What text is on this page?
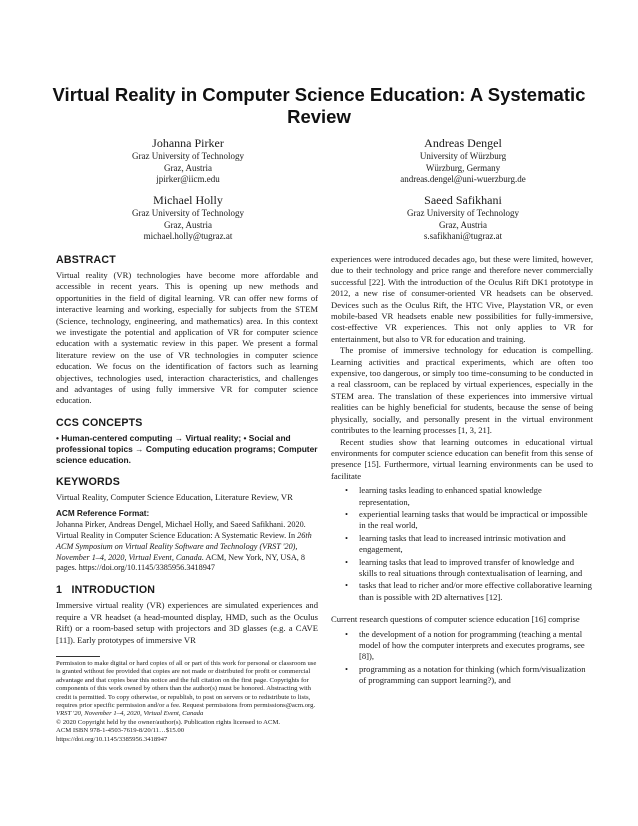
Virtual Reality in Computer Science Education: A Systematic Review
Johanna Pirker
Graz University of Technology
Graz, Austria
jpirker@iicm.edu
Andreas Dengel
University of Würzburg
Würzburg, Germany
andreas.dengel@uni-wuerzburg.de
Michael Holly
Graz University of Technology
Graz, Austria
michael.holly@tugraz.at
Saeed Safikhani
Graz University of Technology
Graz, Austria
s.safikhani@tugraz.at
ABSTRACT

Virtual reality (VR) technologies have become more affordable and accessible in recent years. This is opening up new methods and opportunities in the field of digital learning. VR can offer new forms of interactive learning and working, especially for subjects from the STEM (Science, technology, engineering, and mathematics) area. In this context we investigate the potential and application of VR for computer science education with a systematic review in this paper. We present a formal literature review on the use of VR technologies in computer science education. We focus on the identification of factors such as learning objectives, technologies used, interaction characteristics, and challenges and advantages of using fully immersive VR for computer science education.

CCS CONCEPTS

• Human-centered computing → Virtual reality; • Social and professional topics → Computing education programs; Computer science education.

KEYWORDS

Virtual Reality, Computer Science Education, Literature Review, VR

ACM Reference Format:

Johanna Pirker, Andreas Dengel, Michael Holly, and Saeed Safikhani. 2020. Virtual Reality in Computer Science Education: A Systematic Review. In 26th ACM Symposium on Virtual Reality Software and Technology (VRST '20), November 1–4, 2020, Virtual Event, Canada. ACM, New York, NY, USA, 8 pages. https://doi.org/10.1145/3385956.3418947

1   INTRODUCTION

Immersive virtual reality (VR) experiences are simulated experiences and require a VR headset (a head-mounted display, HMD, such as the Oculus Rift) or a room-based setup with projectors and 3D glasses (e.g. a CAVE [11]). Early prototypes of immersive VR

Permission to make digital or hard copies of all or part of this work for personal or classroom use is granted without fee provided that copies are not made or distributed for profit or commercial advantage and that copies bear this notice and the full citation on the first page. Copyrights for components of this work owned by others than the author(s) must be honored. Abstracting with credit is permitted. To copy otherwise, or republish, to post on servers or to redistribute to lists, requires prior specific permission and/or a fee. Request permissions from permissions@acm.org.

VRST '20, November 1–4, 2020, Virtual Event, Canada

© 2020 Copyright held by the owner/author(s). Publication rights licensed to ACM.

ACM ISBN 978-1-4503-7619-8/20/11…$15.00

https://doi.org/10.1145/3385956.3418947

experiences were introduced decades ago, but these were limited, however, due to their technology and price range and therefore never commercially successful [22]. With the introduction of the Oculus Rift DK1 prototype in 2012, a new rise of consumer-oriented VR headsets can be observed. Devices such as the Oculus Rift, the HTC Vive, Playstation VR, or even mobile-based VR headsets enable new possibilities for fully-immersive, cost-effective VR experiences. This not only applies to VR for entertainment, but also to VR for education and training.

The promise of immersive technology for education is compelling. Learning activities and practical experiments, which are often too expensive, too dangerous, or simply too time-consuming to be conducted in a real classroom, can be replaced by virtual experiences, especially in the STEM area. The translation of these experiences into immersive virtual realities can be highly beneficial for students, because the sense of being physically, socially, and personally present in the virtual environment contributes to the learning processes [1, 3, 21].

Recent studies show that learning outcomes in educational virtual environments for computer science education can benefit from this sense of presence [15]. Furthermore, virtual learning environments can be used to facilitate

• learning tasks leading to enhanced spatial knowledge representation,
• experiential learning tasks that would be impractical or impossible in the real world,
• learning tasks that lead to increased intrinsic motivation and engagement,
• learning tasks that lead to improved transfer of knowledge and skills to real situations through contextualisation of learning, and
• tasks that lead to richer and/or more effective collaborative learning than is possible with 2D alternatives [12].

Current research questions of computer science education [16] comprise

• the development of a notion for programming (teaching a mental model of how the computer interprets and executes programs, see [8]),
• programming as a notation for thinking (which form/visualization of programming can support learning?), and
